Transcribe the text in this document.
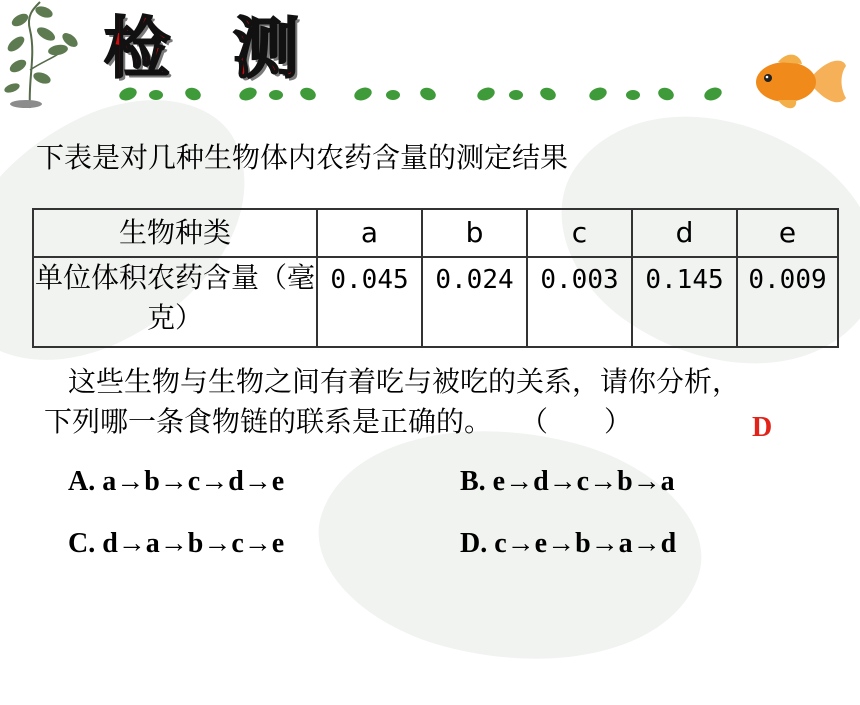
检 测
下表是对几种生物体内农药含量的测定结果
生物种类	a	b	c	d	e
单位体积农药含量（毫克）	0.045	0.024	0.003	0.145	0.009
这些生物与生物之间有着吃与被吃的关系，请你分析，
下列哪一条食物链的联系是正确的。　　（　　）	D
A. a→b→c→d→e	B. e→d→c→b→a
C. d→a→b→c→e	D. c→e→b→a→d
